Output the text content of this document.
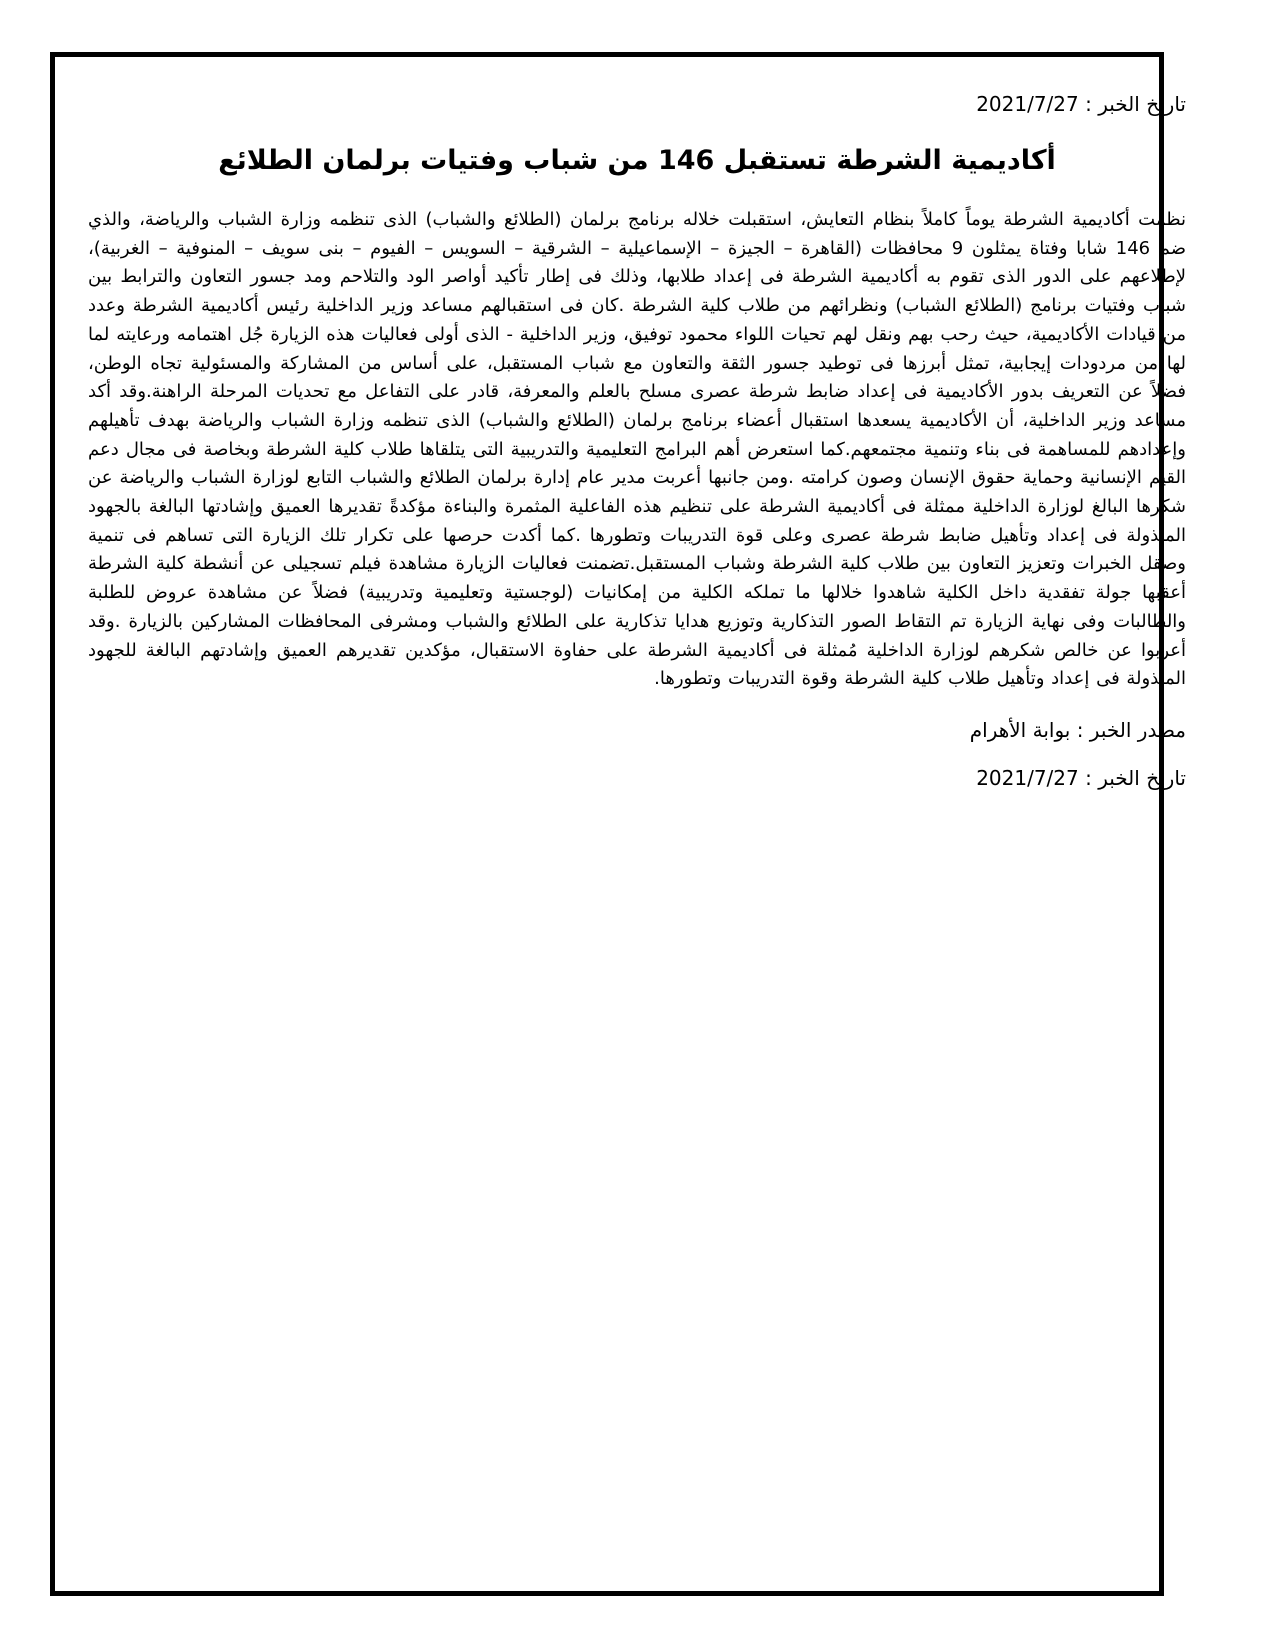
تاريخ الخبر : 2021/7/27

أكاديمية الشرطة تستقبل 146 من شباب وفتيات برلمان الطلائع

نظمت أكاديمية الشرطة يوماً كاملاً بنظام التعايش، استقبلت خلاله برنامج برلمان (الطلائع والشباب) الذى تنظمه وزارة الشباب والرياضة، والذي ضم 146 شابا وفتاة يمثلون 9 محافظات (القاهرة – الجيزة – الإسماعيلية – الشرقية – السويس – الفيوم – بنى سويف – المنوفية – الغربية)، لإطلاعهم على الدور الذى تقوم به أكاديمية الشرطة فى إعداد طلابها، وذلك فى إطار تأكيد أواصر الود والتلاحم ومد جسور التعاون والترابط بين شباب وفتيات برنامج (الطلائع الشباب) ونظرائهم من طلاب كلية الشرطة .كان فى استقبالهم مساعد وزير الداخلية رئيس أكاديمية الشرطة وعدد من قيادات الأكاديمية، حيث رحب بهم ونقل لهم تحيات اللواء محمود توفيق، وزير الداخلية - الذى أولى فعاليات هذه الزيارة جُل اهتمامه ورعايته لما لها من مردودات إيجابية، تمثل أبرزها فى توطيد جسور الثقة والتعاون مع شباب المستقبل، على أساس من المشاركة والمسئولية تجاه الوطن، فضلاً عن التعريف بدور الأكاديمية فى إعداد ضابط شرطة عصرى مسلح بالعلم والمعرفة، قادر على التفاعل مع تحديات المرحلة الراهنة.وقد أكد مساعد وزير الداخلية، أن الأكاديمية يسعدها استقبال أعضاء برنامج برلمان (الطلائع والشباب) الذى تنظمه وزارة الشباب والرياضة بهدف تأهيلهم وإعدادهم للمساهمة فى بناء وتنمية مجتمعهم.كما استعرض أهم البرامج التعليمية والتدريبية التى يتلقاها طلاب كلية الشرطة وبخاصة فى مجال دعم القيم الإنسانية وحماية حقوق الإنسان وصون كرامته .ومن جانبها أعربت مدير عام إدارة برلمان الطلائع والشباب التابع لوزارة الشباب والرياضة عن شكرها البالغ لوزارة الداخلية ممثلة فى أكاديمية الشرطة على تنظيم هذه الفاعلية المثمرة والبناءة مؤكدةً تقديرها العميق وإشادتها البالغة بالجهود المبذولة فى إعداد وتأهيل ضابط شرطة عصرى وعلى قوة التدريبات وتطورها .كما أكدت حرصها على تكرار تلك الزيارة التى تساهم فى تنمية وصقل الخبرات وتعزيز التعاون بين طلاب كلية الشرطة وشباب المستقبل.تضمنت فعاليات الزيارة مشاهدة فيلم تسجيلى عن أنشطة كلية الشرطة أعقبها جولة تفقدية داخل الكلية شاهدوا خلالها ما تملكه الكلية من إمكانيات (لوجستية وتعليمية وتدريبية) فضلاً عن مشاهدة عروض للطلبة والطالبات وفى نهاية الزيارة تم التقاط الصور التذكارية وتوزيع هدايا تذكارية على الطلائع والشباب ومشرفى المحافظات المشاركين بالزيارة .وقد أعربوا عن خالص شكرهم لوزارة الداخلية مُمثلة فى أكاديمية الشرطة على حفاوة الاستقبال، مؤكدين تقديرهم العميق وإشادتهم البالغة للجهود المبذولة فى إعداد وتأهيل طلاب كلية الشرطة وقوة التدريبات وتطورها.

مصدر الخبر : بوابة الأهرام

تاريخ الخبر : 2021/7/27
